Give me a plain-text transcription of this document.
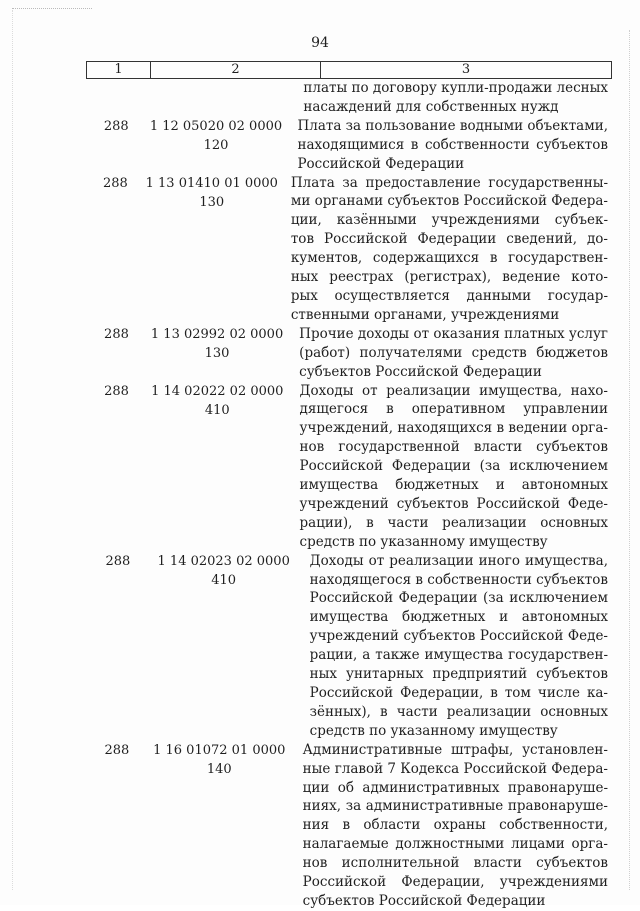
94
1	2	3
платы по договору купли-продажи лесных
насаждений для собственных нужд
288	1 12 05020 02 0000 120
Плата за пользование водными объектами,
находящимися в собственности субъектов
Российской Федерации
288	1 13 01410 01 0000 130
Плата за предоставление государственны-
ми органами субъектов Российской Федера-
ции, казёнными учреждениями субъек-
тов Российской Федерации сведений, до-
кументов, содержащихся в государствен-
ных реестрах (регистрах), ведение кото-
рых осуществляется данными государ-
ственными органами, учреждениями
288	1 13 02992 02 0000 130
Прочие доходы от оказания платных услуг
(работ) получателями средств бюджетов
субъектов Российской Федерации
288	1 14 02022 02 0000 410
Доходы от реализации имущества, нахо-
дящегося в оперативном управлении
учреждений, находящихся в ведении орга-
нов государственной власти субъектов
Российской Федерации (за исключением
имущества бюджетных и автономных
учреждений субъектов Российской Феде-
рации), в части реализации основных
средств по указанному имуществу
288	1 14 02023 02 0000 410
Доходы от реализации иного имущества,
находящегося в собственности субъектов
Российской Федерации (за исключением
имущества бюджетных и автономных
учреждений субъектов Российской Феде-
рации, а также имущества государствен-
ных унитарных предприятий субъектов
Российской Федерации, в том числе ка-
зённых), в части реализации основных
средств по указанному имуществу
288	1 16 01072 01 0000 140
Административные штрафы, установлен-
ные главой 7 Кодекса Российской Федера-
ции об административных правонаруше-
ниях, за административные правонаруше-
ния в области охраны собственности,
налагаемые должностными лицами орга-
нов исполнительной власти субъектов
Российской Федерации, учреждениями
субъектов Российской Федерации
